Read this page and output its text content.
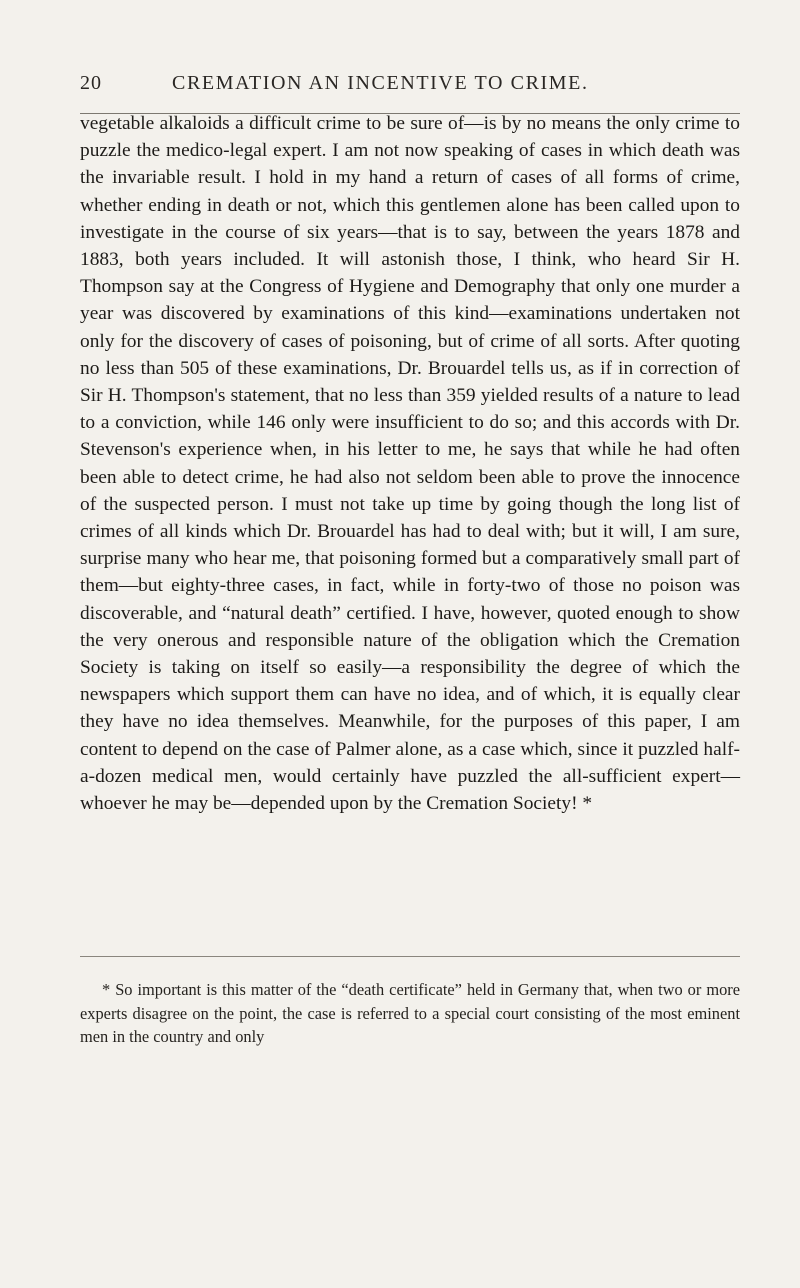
20	CREMATION AN INCENTIVE TO CRIME.

vegetable alkaloids a difficult crime to be sure of—is by no means the only crime to puzzle the medico-legal expert. I am not now speaking of cases in which death was the invariable result. I hold in my hand a return of cases of all forms of crime, whether ending in death or not, which this gentlemen alone has been called upon to investigate in the course of six years—that is to say, between the years 1878 and 1883, both years included. It will astonish those, I think, who heard Sir H. Thompson say at the Congress of Hygiene and Demography that only one murder a year was discovered by examinations of this kind—examinations undertaken not only for the discovery of cases of poisoning, but of crime of all sorts. After quoting no less than 505 of these examinations, Dr. Brouardel tells us, as if in correction of Sir H. Thompson's statement, that no less than 359 yielded results of a nature to lead to a conviction, while 146 only were insufficient to do so; and this accords with Dr. Stevenson's experience when, in his letter to me, he says that while he had often been able to detect crime, he had also not seldom been able to prove the innocence of the suspected person. I must not take up time by going though the long list of crimes of all kinds which Dr. Brouardel has had to deal with; but it will, I am sure, surprise many who hear me, that poisoning formed but a comparatively small part of them—but eighty-three cases, in fact, while in forty-two of those no poison was discoverable, and “natural death” certified. I have, however, quoted enough to show the very onerous and responsible nature of the obligation which the Cremation Society is taking on itself so easily—a responsibility the degree of which the newspapers which support them can have no idea, and of which, it is equally clear they have no idea themselves. Meanwhile, for the purposes of this paper, I am content to depend on the case of Palmer alone, as a case which, since it puzzled half-a-dozen medical men, would certainly have puzzled the all-sufficient expert—whoever he may be—depended upon by the Cremation Society! *

* So important is this matter of the “death certificate” held in Germany that, when two or more experts disagree on the point, the case is referred to a special court consisting of the most eminent men in the country and only
